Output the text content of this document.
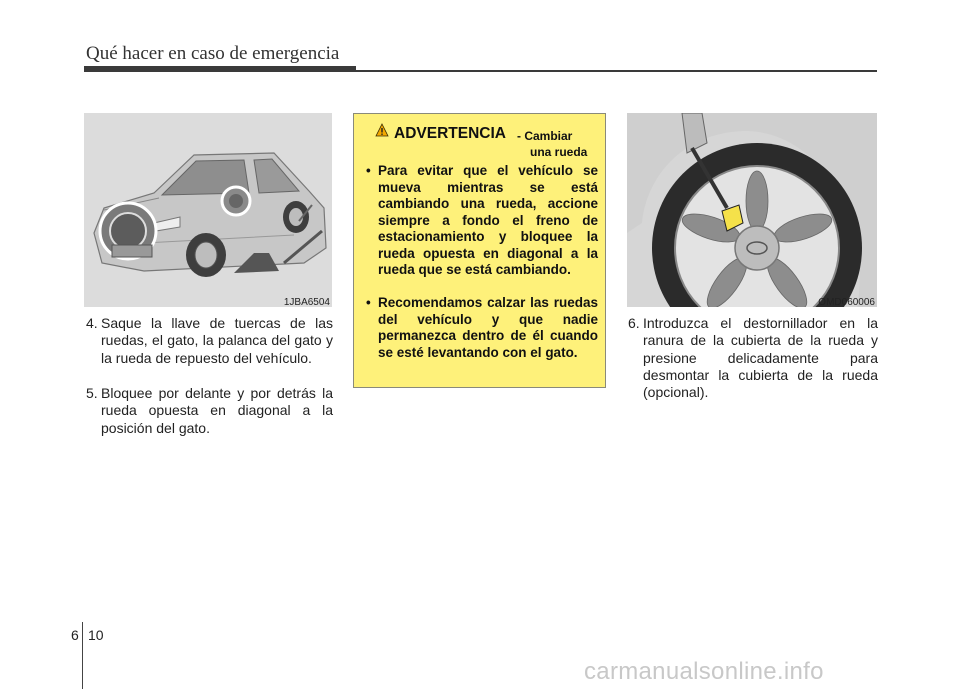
Qué hacer en caso de emergencia
1JBA6504
4. Saque la llave de tuercas de las ruedas, el gato, la palanca del gato y la rueda de repuesto del vehículo.
5. Bloquee por delante y por detrás la rueda opuesta en diagonal a la posición del gato.
ADVERTENCIA - Cambiar
una rueda
• Para evitar que el vehículo se mueva mientras se está cambiando una rueda, accione siempre a fondo el freno de estacionamiento y bloquee la rueda opuesta en diagonal a la rueda que se está cambiando.
• Recomendamos calzar las ruedas del vehículo y que nadie permanezca dentro de él cuando se esté levantando con el gato.
OMD060006
6. Introduzca el destornillador en la ranura de la cubierta de la rueda y presione delicadamente para desmontar la cubierta de la rueda (opcional).
6 10
carmanualsonline.info
